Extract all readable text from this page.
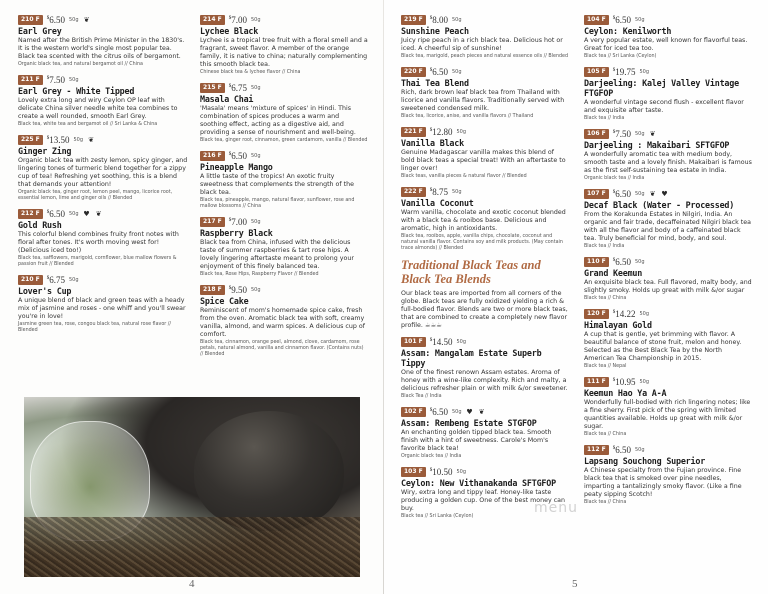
210 F	$6.50 50g ❦
Earl Grey
Named after the British Prime Minister in the 1830's. It is the western world's single most popular tea. Black tea scented with the citrus oils of bergamont.
Organic black tea, and natural bergamot oil // China
211 F	$7.50 50g
Earl Grey - White Tipped
Lovely extra long and wiry Ceylon OP leaf with delicate China silver needle white tea combines to create a well rounded, smooth Earl Grey.
Black tea, white tea and bergamot oil // Sri Lanka & China
225 F	$13.50 50g ❦
Ginger Zing
Organic black tea with zesty lemon, spicy ginger, and lingering tones of turmeric blend together for a zippy cup of tea! Refreshing yet soothing, this is a blend that demands your attention!
Organic black tea, ginger root, lemon peel, mango, licorice root, essential lemon, lime and ginger oils // Blended
212 F	$6.50 50g ♥ ❦
Gold Rush
This colorful blend combines fruity front notes with floral after tones. It's worth moving west for! (Delicious iced too!)
Black tea, safflowers, marigold, cornflower, blue mallow flowers & passion fruit // Blended
210 F	$6.75 50g
Lover's Cup
A unique blend of black and green teas with a heady mix of jasmine and roses - one whiff and you'll swear you're in love!
Jasmine green tea, rose, congou black tea, natural rose flavor // Blended
214 F	$7.00 50g
Lychee Black
Lychee is a tropical tree fruit with a floral smell and a fragrant, sweet flavor. A member of the orange family, it is native to china; naturally complementing this smooth black tea.
Chinese black tea & lychee flavor // China
215 F	$6.75 50g
Masala Chai
'Masala' means 'mixture of spices' in Hindi. This combination of spices produces a warm and soothing effect, acting as a digestive aid, and providing a sense of nourishment and well-being.
Black tea, ginger root, cinnamon, green cardamom, vanilla // Blended
216 F	$6.50 50g
Pineapple Mango
A little taste of the tropics! An exotic fruity sweetness that complements the strength of the black tea.
Black tea, pineapple, mango, natural flavor, sunflower, rose and mallow blossoms // China
217 F	$7.00 50g
Raspberry Black
Black tea from China, infused with the delicious taste of summer raspberries & tart rose hips. A lovely lingering aftertaste meant to prolong your enjoyment of this finely balanced tea.
Black tea, Rose Hips, Raspberry Flavor // Blended
218 F	$9.50 50g
Spice Cake
Reminiscent of mom's homemade spice cake, fresh from the oven. Aromatic black tea with soft, creamy vanilla, almond, and warm spices. A delicious cup of comfort.
Black tea, cinnamon, orange peel, almond, clove, cardamom, rose petals, natural almond, vanilla and cinnamon flavor. (Contains nuts) // Blended
4
219 F	$8.00 50g
Sunshine Peach
Juicy ripe peach in a rich black tea. Delicious hot or iced. A cheerful sip of sunshine!
Black tea, marigold, peach pieces and natural essence oils // Blended
220 F	$6.50 50g
Thai Tea Blend
Rich, dark brown leaf black tea from Thailand with licorice and vanilla flavors. Traditionally served with sweetened condensed milk.
Black tea, licorice, anise, and vanilla flavors // Thailand
221 F	$12.80 50g
Vanilla Black
Genuine Madagascar vanilla makes this blend of bold black teas a special treat! With an aftertaste to linger over!
Black teas, vanilla pieces & natural flavor // Blended
222 F	$8.75 50g
Vanilla Coconut
Warm vanilla, chocolate and exotic coconut blended with a black tea & rooibos base. Delicious and aromatic, high in antioxidants.
Black tea, rooibos, apple, vanilla chips, chocolate, coconut and natural vanilla flavor. Contains soy and milk products. (May contain trace almonds) // Blended
Traditional Black Teas and Black Tea Blends
Our black teas are imported from all corners of the globe. Black teas are fully oxidized yielding a rich & full-bodied flavor. Blends are two or more black teas, that are combined to create a completely new flavor profile. ☕☕☕
101 F	$14.50 50g
Assam: Mangalam Estate Superb Tippy
One of the finest renown Assam estates. Aroma of honey with a wine-like complexity. Rich and malty, a delicious refresher plain or with milk &/or sweetener.
Black Tea // India
102 F	$6.50 50g ♥ ❦
Assam: Rembeng Estate STGFOP
An enchanting golden tipped black tea. Smooth finish with a hint of sweetness. Carole's Mom's favorite black tea!
Organic black tea // India
103 F	$10.50 50g
Ceylon: New Vithanakanda SFTGFOP
Wiry, extra long and tippy leaf. Honey-like taste producing a golden cup. One of the best money can buy.
Black tea // Sri Lanka (Ceylon)
104 F	$6.50 50g
Ceylon: Kenilworth
A very popular estate, well known for flavorful teas. Great for iced tea too.
Black tea // Sri Lanka (Ceylon)
105 F	$19.75 50g
Darjeeling: Kalej Valley Vintage FTGFOP
A wonderful vintage second flush - excellent flavor and exquisite after taste.
Black tea // India
106 F	$7.50 50g ❦
Darjeeling : Makaibari SFTGFOP
A wonderfully aromatic tea with medium body, smooth taste and a lovely finish. Makaibari is famous as the first self-sustaining tea estate in India.
Organic black tea // India
107 F	$6.50 50g ❦ ♥
Decaf Black (Water - Processed)
From the Korakunda Estates in Nilgiri, India. An organic and fair trade, decaffeinated Nilgiri black tea with all the flavor and body of a caffeinated black tea. Truly beneficial for mind, body, and soul.
Black tea // India
110 F	$6.50 50g
Grand Keemun
An exquisite black tea. Full flavored, malty body, and slightly smoky. Holds up great with milk &/or sugar
Black tea // China
120 F	$14.22 50g
Himalayan Gold
A cup that is gentle, yet brimming with flavor. A beautiful balance of stone fruit, melon and honey. Selected as the Best Black Tea by the North American Tea Championship in 2015.
Black tea // Nepal
111 F	$10.95 50g
Keemun Hao Ya A-A
Wonderfully full-bodied with rich lingering notes; like a fine sherry. First pick of the spring with limited quantities available. Holds up great with milk &/or sugar.
Black tea // China
112 F	$6.50 50g
Lapsang Souchong Superior
A Chinese specialty from the Fujian province. Fine black tea that is smoked over pine needles, imparting a tantalizingly smoky flavor. (Like a fine peaty sipping Scotch!
Black tea // China
5
menu
